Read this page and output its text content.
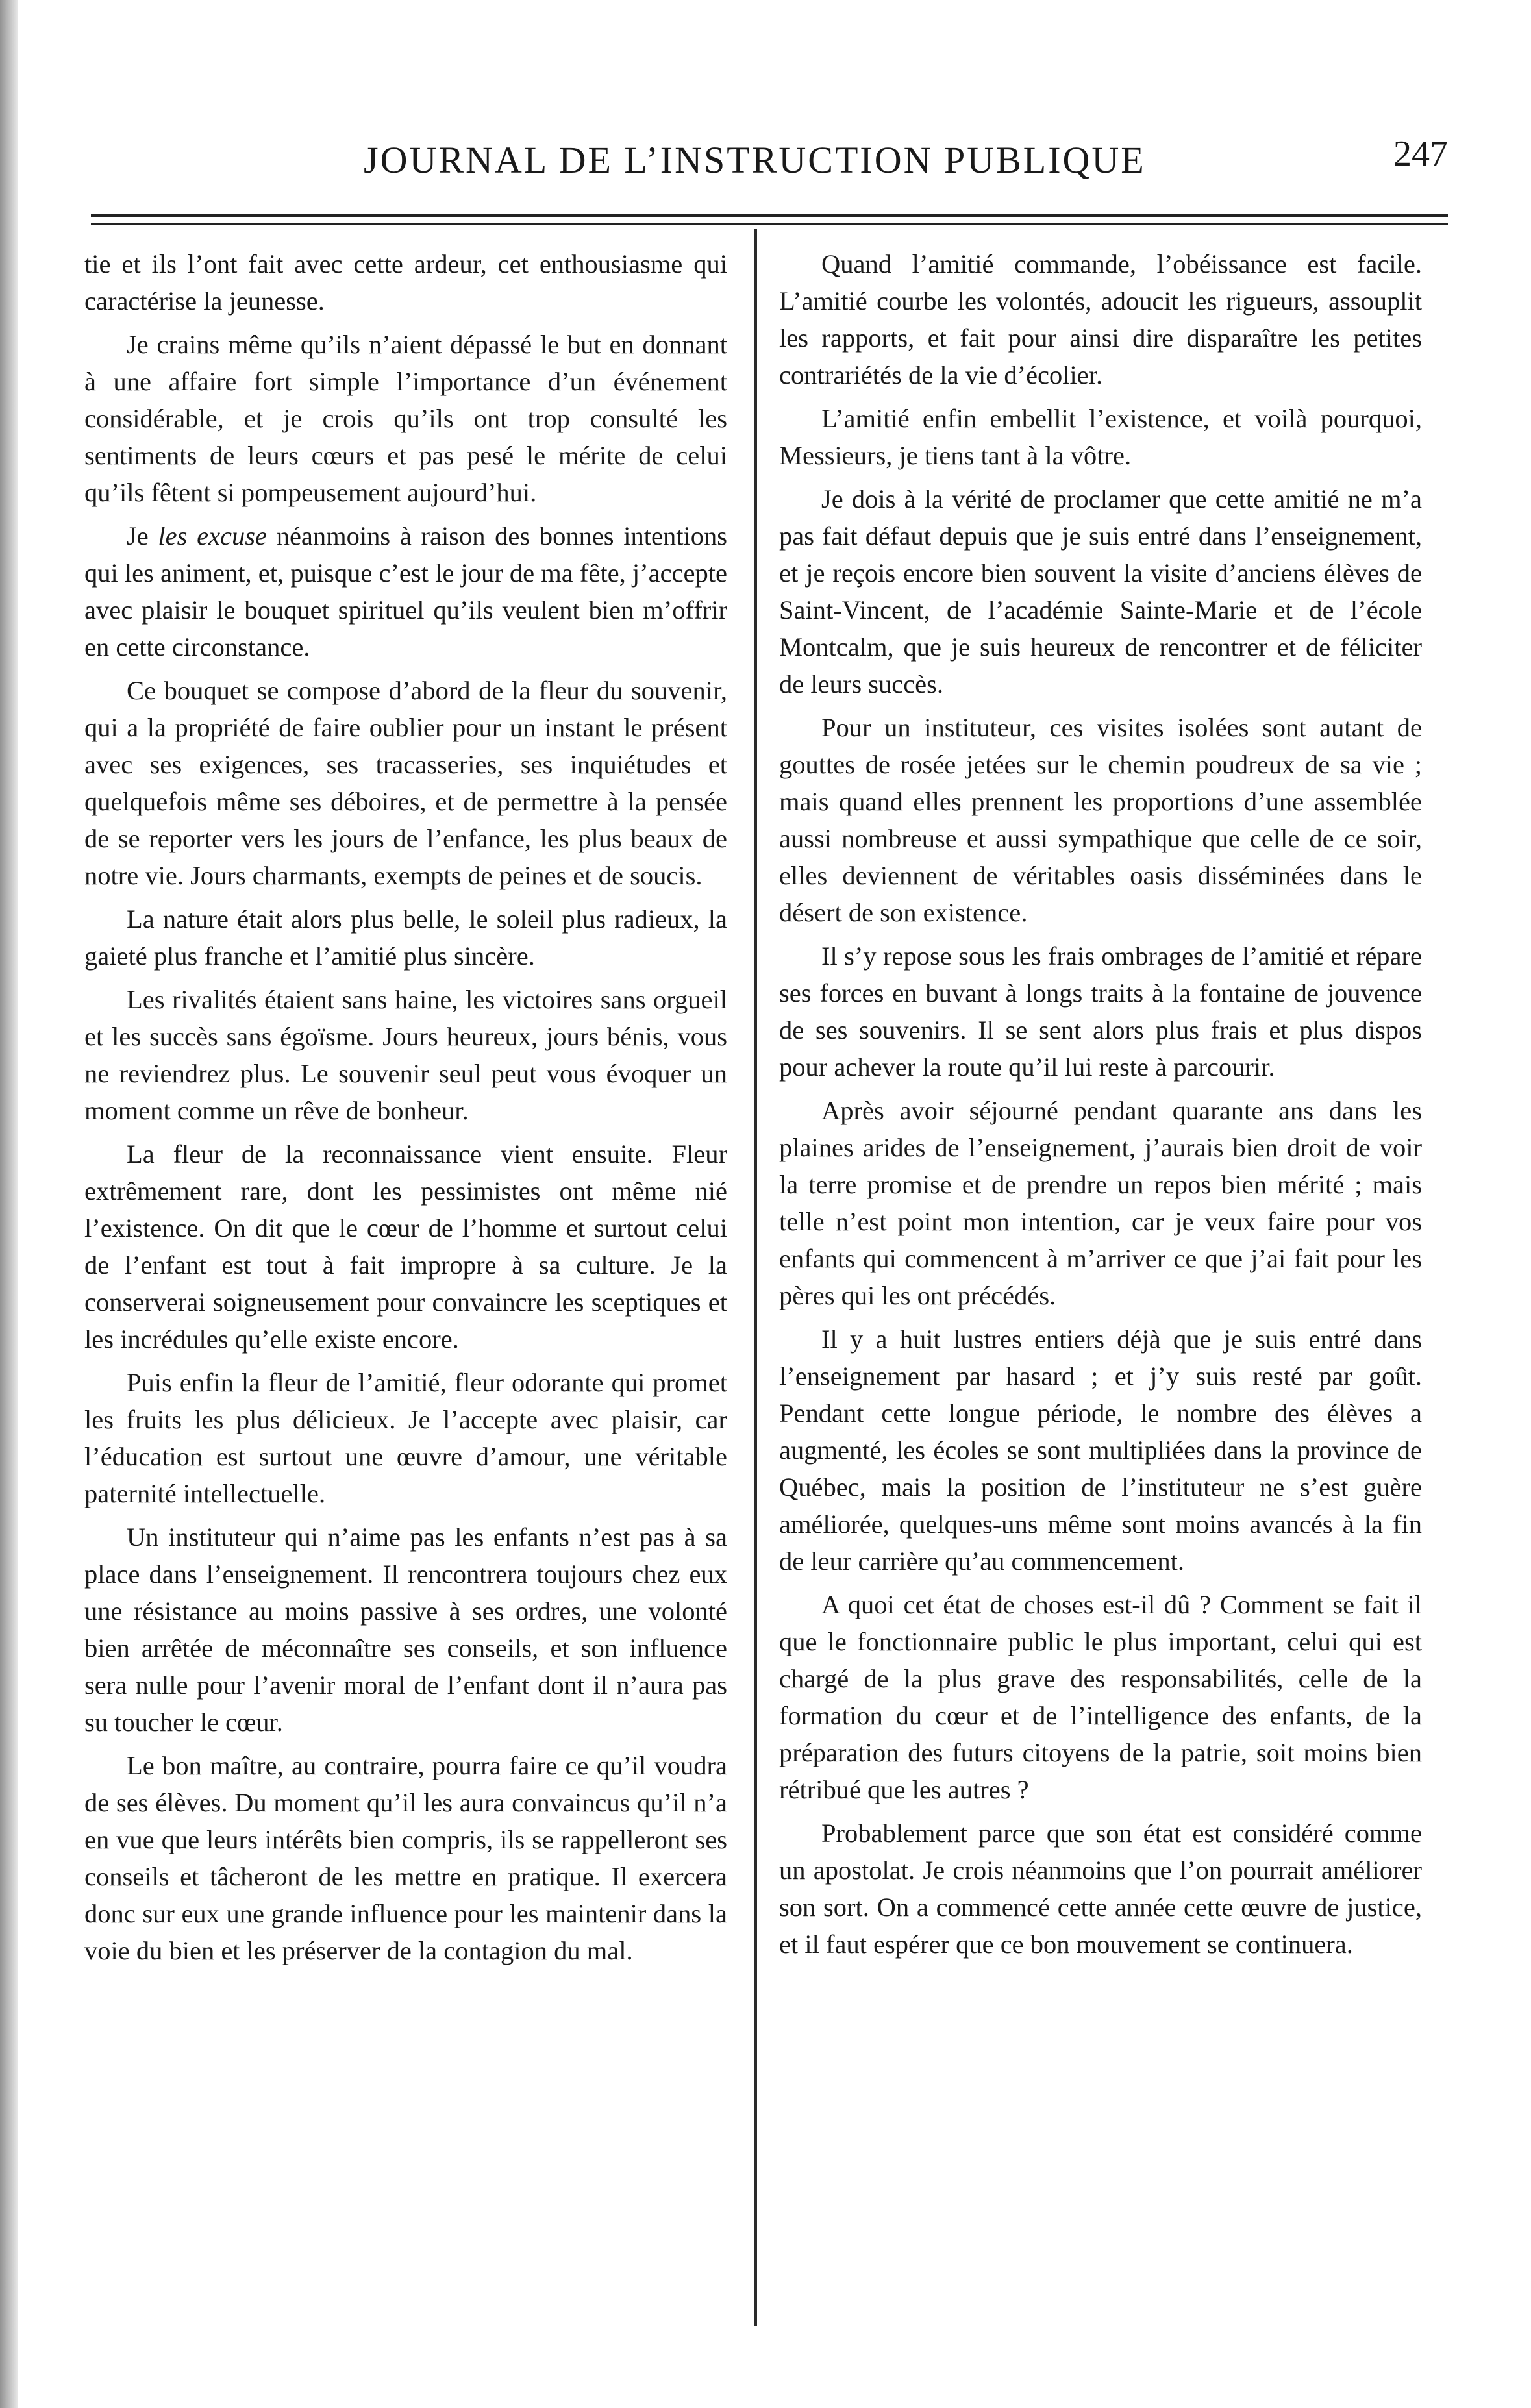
JOURNAL DE L’INSTRUCTION PUBLIQUE	247

tie et ils l’ont fait avec cette ardeur, cet enthousiasme qui caractérise la jeunesse.

Je crains même qu’ils n’aient dépassé le but en donnant à une affaire fort simple l’importance d’un événement considérable, et je crois qu’ils ont trop consulté les sentiments de leurs cœurs et pas pesé le mérite de celui qu’ils fêtent si pompeusement aujourd’hui.

Je les excuse néanmoins à raison des bonnes intentions qui les animent, et, puisque c’est le jour de ma fête, j’accepte avec plaisir le bouquet spirituel qu’ils veulent bien m’offrir en cette circonstance.

Ce bouquet se compose d’abord de la fleur du souvenir, qui a la propriété de faire oublier pour un instant le présent avec ses exigences, ses tracasseries, ses inquiétudes et quelquefois même ses déboires, et de permettre à la pensée de se reporter vers les jours de l’enfance, les plus beaux de notre vie. Jours charmants, exempts de peines et de soucis.

La nature était alors plus belle, le soleil plus radieux, la gaieté plus franche et l’amitié plus sincère.

Les rivalités étaient sans haine, les victoires sans orgueil et les succès sans égoïsme. Jours heureux, jours bénis, vous ne reviendrez plus. Le souvenir seul peut vous évoquer un moment comme un rêve de bonheur.

La fleur de la reconnaissance vient ensuite. Fleur extrêmement rare, dont les pessimistes ont même nié l’existence. On dit que le cœur de l’homme et surtout celui de l’enfant est tout à fait impropre à sa culture. Je la conserverai soigneusement pour convaincre les sceptiques et les incrédules qu’elle existe encore.

Puis enfin la fleur de l’amitié, fleur odorante qui promet les fruits les plus délicieux. Je l’accepte avec plaisir, car l’éducation est surtout une œuvre d’amour, une véritable paternité intellectuelle.

Un instituteur qui n’aime pas les enfants n’est pas à sa place dans l’enseignement. Il rencontrera toujours chez eux une résistance au moins passive à ses ordres, une volonté bien arrêtée de méconnaître ses conseils, et son influence sera nulle pour l’avenir moral de l’enfant dont il n’aura pas su toucher le cœur.

Le bon maître, au contraire, pourra faire ce qu’il voudra de ses élèves. Du moment qu’il les aura convaincus qu’il n’a en vue que leurs intérêts bien compris, ils se rappelleront ses conseils et tâcheront de les mettre en pratique. Il exercera donc sur eux une grande influence pour les maintenir dans la voie du bien et les préserver de la contagion du mal.

Quand l’amitié commande, l’obéissance est facile. L’amitié courbe les volontés, adoucit les rigueurs, assouplit les rapports, et fait pour ainsi dire disparaître les petites contrariétés de la vie d’écolier.

L’amitié enfin embellit l’existence, et voilà pourquoi, Messieurs, je tiens tant à la vôtre.

Je dois à la vérité de proclamer que cette amitié ne m’a pas fait défaut depuis que je suis entré dans l’enseignement, et je reçois encore bien souvent la visite d’anciens élèves de Saint-Vincent, de l’académie Sainte-Marie et de l’école Montcalm, que je suis heureux de rencontrer et de féliciter de leurs succès.

Pour un instituteur, ces visites isolées sont autant de gouttes de rosée jetées sur le chemin poudreux de sa vie ; mais quand elles prennent les proportions d’une assemblée aussi nombreuse et aussi sympathique que celle de ce soir, elles deviennent de véritables oasis disséminées dans le désert de son existence.

Il s’y repose sous les frais ombrages de l’amitié et répare ses forces en buvant à longs traits à la fontaine de jouvence de ses souvenirs. Il se sent alors plus frais et plus dispos pour achever la route qu’il lui reste à parcourir.

Après avoir séjourné pendant quarante ans dans les plaines arides de l’enseignement, j’aurais bien droit de voir la terre promise et de prendre un repos bien mérité ; mais telle n’est point mon intention, car je veux faire pour vos enfants qui commencent à m’arriver ce que j’ai fait pour les pères qui les ont précédés.

Il y a huit lustres entiers déjà que je suis entré dans l’enseignement par hasard ; et j’y suis resté par goût. Pendant cette longue période, le nombre des élèves a augmenté, les écoles se sont multipliées dans la province de Québec, mais la position de l’instituteur ne s’est guère améliorée, quelques-uns même sont moins avancés à la fin de leur carrière qu’au commencement.

A quoi cet état de choses est-il dû ? Comment se fait il que le fonctionnaire public le plus important, celui qui est chargé de la plus grave des responsabilités, celle de la formation du cœur et de l’intelligence des enfants, de la préparation des futurs citoyens de la patrie, soit moins bien rétribué que les autres ?

Probablement parce que son état est considéré comme un apostolat. Je crois néanmoins que l’on pourrait améliorer son sort. On a commencé cette année cette œuvre de justice, et il faut espérer que ce bon mouvement se continuera.
